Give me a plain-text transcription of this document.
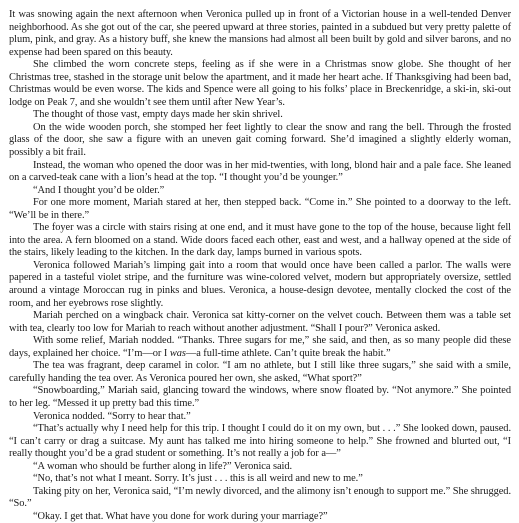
It was snowing again the next afternoon when Veronica pulled up in front of a Victorian house in a well-tended Denver neighborhood. As she got out of the car, she peered upward at three stories, painted in a subdued but very pretty palette of plum, pink, and gray. As a history buff, she knew the mansions had almost all been built by gold and silver barons, and no expense had been spared on this beauty.

She climbed the worn concrete steps, feeling as if she were in a Christmas snow globe. She thought of her Christmas tree, stashed in the storage unit below the apartment, and it made her heart ache. If Thanksgiving had been bad, Christmas would be even worse. The kids and Spence were all going to his folks’ place in Breckenridge, a ski-in, ski-out lodge on Peak 7, and she wouldn’t see them until after New Year’s.

The thought of those vast, empty days made her skin shrivel.

On the wide wooden porch, she stomped her feet lightly to clear the snow and rang the bell. Through the frosted glass of the door, she saw a figure with an uneven gait coming forward. She’d imagined a slightly elderly woman, possibly a bit frail.

Instead, the woman who opened the door was in her mid-twenties, with long, blond hair and a pale face. She leaned on a carved-teak cane with a lion’s head at the top. “I thought you’d be younger.”

“And I thought you’d be older.”

For one more moment, Mariah stared at her, then stepped back. “Come in.” She pointed to a doorway to the left. “We’ll be in there.”

The foyer was a circle with stairs rising at one end, and it must have gone to the top of the house, because light fell into the area. A fern bloomed on a stand. Wide doors faced each other, east and west, and a hallway opened at the side of the stairs, likely leading to the kitchen. In the dark day, lamps burned in various spots.

Veronica followed Mariah’s limping gait into a room that would once have been called a parlor. The walls were papered in a tasteful violet stripe, and the furniture was wine-colored velvet, modern but appropriately oversize, settled around a vintage Moroccan rug in pinks and blues. Veronica, a house-design devotee, mentally clocked the cost of the room, and her eyebrows rose slightly.

Mariah perched on a wingback chair. Veronica sat kitty-corner on the velvet couch. Between them was a table set with tea, clearly too low for Mariah to reach without another adjustment. “Shall I pour?” Veronica asked.

With some relief, Mariah nodded. “Thanks. Three sugars for me,” she said, and then, as so many people did these days, explained her choice. “I’m—or I was—a full-time athlete. Can’t quite break the habit.”

The tea was fragrant, deep caramel in color. “I am no athlete, but I still like three sugars,” she said with a smile, carefully handing the tea over. As Veronica poured her own, she asked, “What sport?”

“Snowboarding,” Mariah said, glancing toward the windows, where snow floated by. “Not anymore.” She pointed to her leg. “Messed it up pretty bad this time.”

Veronica nodded. “Sorry to hear that.”

“That’s actually why I need help for this trip. I thought I could do it on my own, but . . .” She looked down, paused. “I can’t carry or drag a suitcase. My aunt has talked me into hiring someone to help.” She frowned and blurted out, “I really thought you’d be a grad student or something. It’s not really a job for a—”

“A woman who should be further along in life?” Veronica said.

“No, that’s not what I meant. Sorry. It’s just . . . this is all weird and new to me.”

Taking pity on her, Veronica said, “I’m newly divorced, and the alimony isn’t enough to support me.” She shrugged. “So.”

“Okay. I get that. What have you done for work during your marriage?”
